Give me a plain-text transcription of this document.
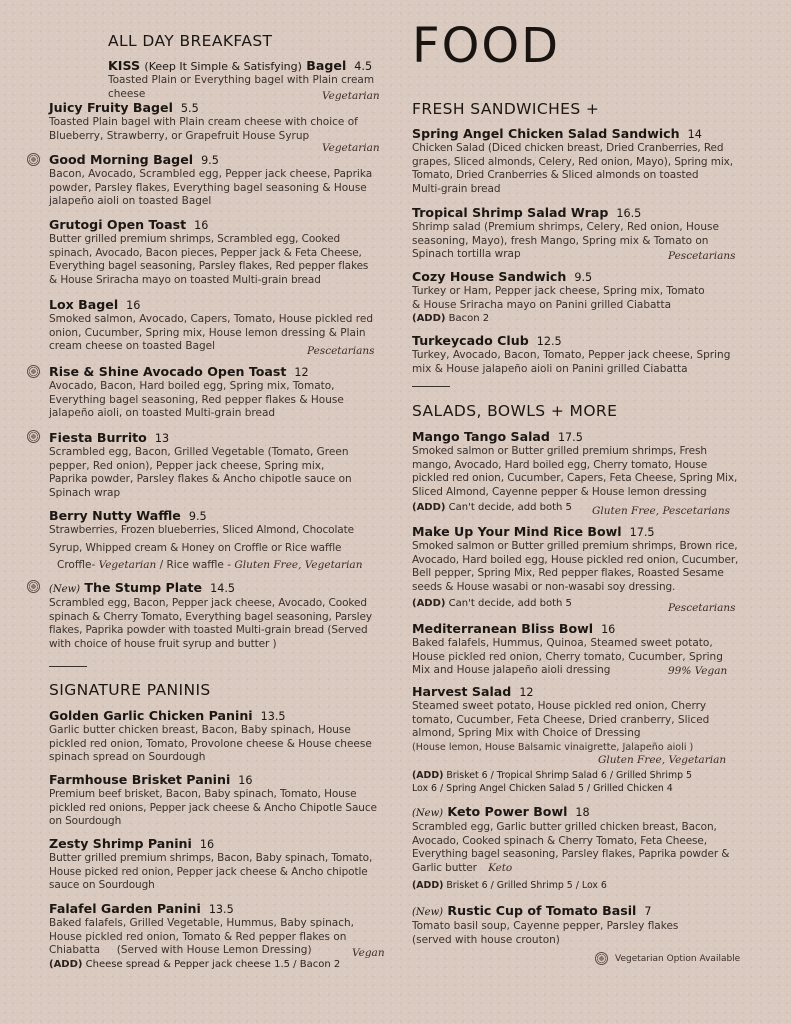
ALL DAY BREAKFAST
KISS (Keep It Simple & Satisfying) Bagel 4.5
Toasted Plain or Everything bagel with Plain cream
cheese	Vegetarian
Juicy Fruity Bagel 5.5
Toasted Plain bagel with Plain cream cheese with choice of
Blueberry, Strawberry, or Grapefruit House Syrup
Vegetarian
Good Morning Bagel 9.5
Bacon, Avocado, Scrambled egg, Pepper jack cheese, Paprika
powder, Parsley flakes, Everything bagel seasoning & House
jalapeño aioli on toasted Bagel
Grutogi Open Toast 16
Butter grilled premium shrimps, Scrambled egg, Cooked
spinach, Avocado, Bacon pieces, Pepper jack & Feta Cheese,
Everything bagel seasoning, Parsley flakes, Red pepper flakes
& House Sriracha mayo on toasted Multi-grain bread
Lox Bagel 16
Smoked salmon, Avocado, Capers, Tomato, House pickled red
onion, Cucumber, Spring mix, House lemon dressing & Plain
cream cheese on toasted Bagel	Pescetarians
Rise & Shine Avocado Open Toast 12
Avocado, Bacon, Hard boiled egg, Spring mix, Tomato,
Everything bagel seasoning, Red pepper flakes & House
jalapeño aioli, on toasted Multi-grain bread
Fiesta Burrito 13
Scrambled egg, Bacon, Grilled Vegetable (Tomato, Green
pepper, Red onion), Pepper jack cheese, Spring mix,
Paprika powder, Parsley flakes & Ancho chipotle sauce on
Spinach wrap
Berry Nutty Waffle 9.5
Strawberries, Frozen blueberries, Sliced Almond, Chocolate
Syrup, Whipped cream & Honey on Croffle or Rice waffle
Croffle- Vegetarian / Rice waffle - Gluten Free, Vegetarian
(New) The Stump Plate 14.5
Scrambled egg, Bacon, Pepper jack cheese, Avocado, Cooked
spinach & Cherry Tomato, Everything bagel seasoning, Parsley
flakes, Paprika powder with toasted Multi-grain bread (Served
with choice of house fruit syrup and butter )
SIGNATURE PANINIS
Golden Garlic Chicken Panini 13.5
Garlic butter chicken breast, Bacon, Baby spinach, House
pickled red onion, Tomato, Provolone cheese & House cheese
spinach spread on Sourdough
Farmhouse Brisket Panini 16
Premium beef brisket, Bacon, Baby spinach, Tomato, House
pickled red onions, Pepper jack cheese & Ancho Chipotle Sauce
on Sourdough
Zesty Shrimp Panini 16
Butter grilled premium shrimps, Bacon, Baby spinach, Tomato,
House picked red onion, Pepper jack cheese & Ancho chipotle
sauce on Sourdough
Falafel Garden Panini 13.5
Baked falafels, Grilled Vegetable, Hummus, Baby spinach,
House pickled red onion, Tomato & Red pepper flakes on
Chiabatta     (Served with House Lemon Dressing)
(ADD) Cheese spread & Pepper jack cheese 1.5 / Bacon 2
Vegan
FOOD
FRESH SANDWICHES +
Spring Angel Chicken Salad Sandwich 14
Chicken Salad (Diced chicken breast, Dried Cranberries, Red
grapes, Sliced almonds, Celery, Red onion, Mayo), Spring mix,
Tomato, Dried Cranberries & Sliced almonds on toasted
Multi-grain bread
Tropical Shrimp Salad Wrap 16.5
Shrimp salad (Premium shrimps, Celery, Red onion, House
seasoning, Mayo), fresh Mango, Spring mix & Tomato on
Spinach tortilla wrap	Pescetarians
Cozy House Sandwich 9.5
Turkey or Ham, Pepper jack cheese, Spring mix, Tomato
& House Sriracha mayo on Panini grilled Ciabatta
(ADD) Bacon 2
Turkeycado Club 12.5
Turkey, Avocado, Bacon, Tomato, Pepper jack cheese, Spring
mix & House jalapeño aioli on Panini grilled Ciabatta
SALADS, BOWLS + MORE
Mango Tango Salad 17.5
Smoked salmon or Butter grilled premium shrimps, Fresh
mango, Avocado, Hard boiled egg, Cherry tomato, House
pickled red onion, Cucumber, Capers, Feta Cheese, Spring Mix,
Sliced Almond, Cayenne pepper & House lemon dressing
(ADD) Can't decide, add both 5	Gluten Free, Pescetarians
Make Up Your Mind Rice Bowl 17.5
Smoked salmon or Butter grilled premium shrimps, Brown rice,
Avocado, Hard boiled egg, House pickled red onion, Cucumber,
Bell pepper, Spring Mix, Red pepper flakes, Roasted Sesame
seeds & House wasabi or non-wasabi soy dressing.
(ADD) Can't decide, add both 5	Pescetarians
Mediterranean Bliss Bowl 16
Baked falafels, Hummus, Quinoa, Steamed sweet potato,
House pickled red onion, Cherry tomato, Cucumber, Spring
Mix and House jalapeño aioli dressing	99% Vegan
Harvest Salad 12
Steamed sweet potato, House pickled red onion, Cherry
tomato, Cucumber, Feta Cheese, Dried cranberry, Sliced
almond, Spring Mix with Choice of Dressing
(House lemon, House Balsamic vinaigrette, Jalapeño aioli )
(ADD) Brisket 6 / Tropical Shrimp Salad 6 / Grilled Shrimp 5
Lox 6 / Spring Angel Chicken Salad 5 / Grilled Chicken 4
Gluten Free, Vegetarian
(New) Keto Power Bowl 18
Scrambled egg, Garlic butter grilled chicken breast, Bacon,
Avocado, Cooked spinach & Cherry Tomato, Feta Cheese,
Everything bagel seasoning, Parsley flakes, Paprika powder &
Garlic butter Keto
(ADD) Brisket 6 / Grilled Shrimp 5 / Lox 6
(New) Rustic Cup of Tomato Basil 7
Tomato basil soup, Cayenne pepper, Parsley flakes
(served with house crouton)
Vegetarian Option Available
